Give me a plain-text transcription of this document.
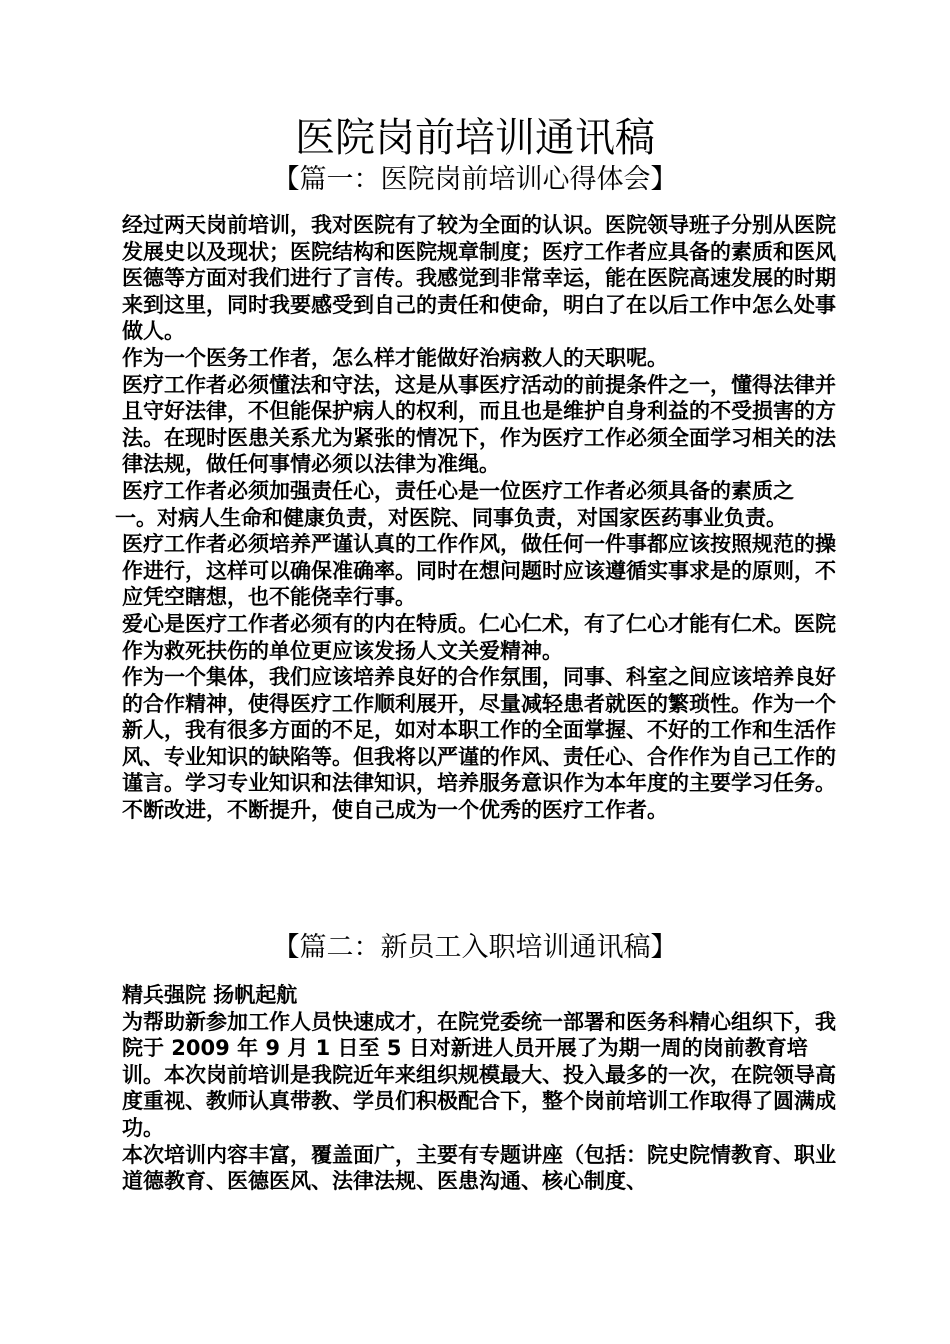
医院岗前培训通讯稿
【篇一：医院岗前培训心得体会】

经过两天岗前培训，我对医院有了较为全面的认识。医院领导班子分别从医院发展史以及现状；医院结构和医院规章制度；医疗工作者应具备的素质和医风医德等方面对我们进行了言传。我感觉到非常幸运，能在医院高速发展的时期来到这里，同时我要感受到自己的责任和使命，明白了在以后工作中怎么处事做人。

作为一个医务工作者，怎么样才能做好治病救人的天职呢。

医疗工作者必须懂法和守法，这是从事医疗活动的前提条件之一，懂得法律并且守好法律，不但能保护病人的权利，而且也是维护自身利益的不受损害的方法。在现时医患关系尤为紧张的情况下，作为医疗工作必须全面学习相关的法律法规，做任何事情必须以法律为准绳。

医疗工作者必须加强责任心，责任心是一位医疗工作者必须具备的素质之

一。对病人生命和健康负责，对医院、同事负责，对国家医药事业负责。

医疗工作者必须培养严谨认真的工作作风，做任何一件事都应该按照规范的操作进行，这样可以确保准确率。同时在想问题时应该遵循实事求是的原则，不应凭空瞎想，也不能侥幸行事。

爱心是医疗工作者必须有的内在特质。仁心仁术，有了仁心才能有仁术。医院作为救死扶伤的单位更应该发扬人文关爱精神。

作为一个集体，我们应该培养良好的合作氛围，同事、科室之间应该培养良好的合作精神，使得医疗工作顺利展开，尽量减轻患者就医的繁琐性。作为一个新人，我有很多方面的不足，如对本职工作的全面掌握、不好的工作和生活作风、专业知识的缺陷等。但我将以严谨的作风、责任心、合作作为自己工作的谨言。学习专业知识和法律知识，培养服务意识作为本年度的主要学习任务。不断改进，不断提升，使自己成为一个优秀的医疗工作者。

【篇二：新员工入职培训通讯稿】

精兵强院 扬帆起航

为帮助新参加工作人员快速成才，在院党委统一部署和医务科精心组织下，我院于 2009 年 9 月 1 日至 5 日对新进人员开展了为期一周的岗前教育培训。本次岗前培训是我院近年来组织规模最大、投入最多的一次，在院领导高度重视、教师认真带教、学员们积极配合下，整个岗前培训工作取得了圆满成功。

本次培训内容丰富，覆盖面广，主要有专题讲座（包括：院史院情教育、职业道德教育、医德医风、法律法规、医患沟通、核心制度、
